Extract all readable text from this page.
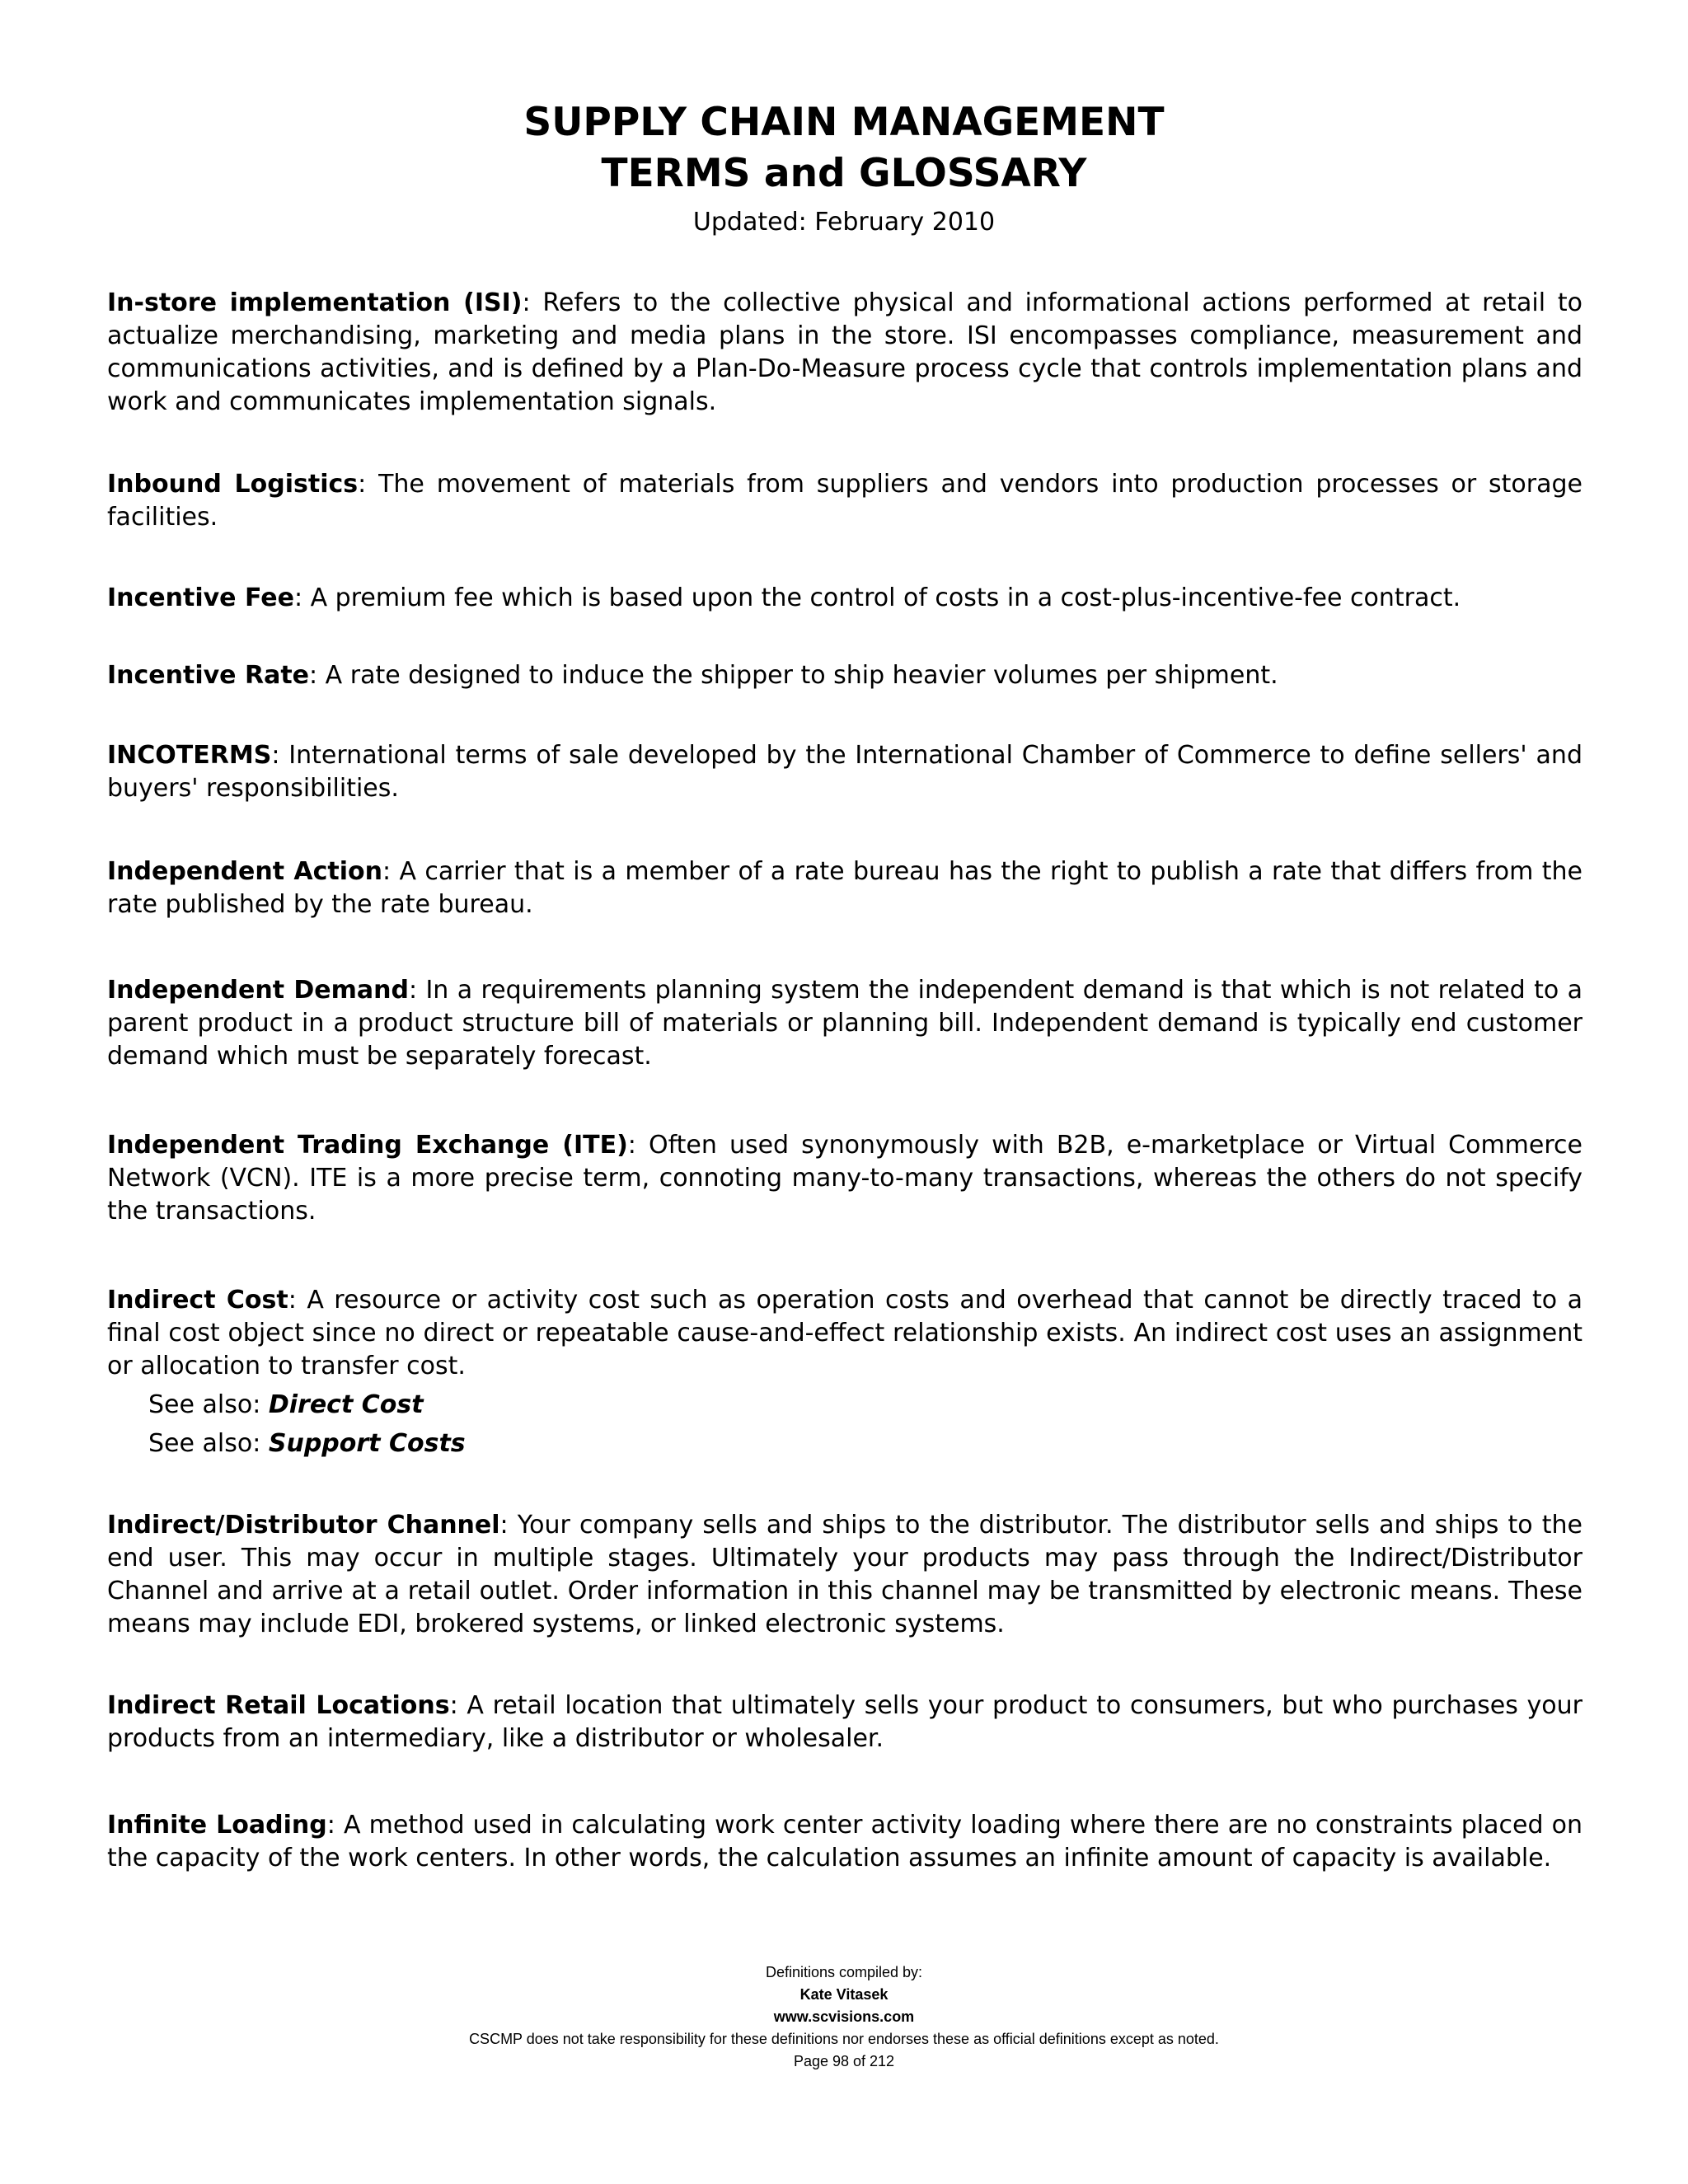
SUPPLY CHAIN MANAGEMENT
TERMS and GLOSSARY
Updated: February 2010
In-store implementation (ISI): Refers to the collective physical and informational actions performed at retail to actualize merchandising, marketing and media plans in the store. ISI encompasses compliance, measurement and communications activities, and is defined by a Plan-Do-Measure process cycle that controls implementation plans and work and communicates implementation signals.
Inbound Logistics: The movement of materials from suppliers and vendors into production processes or storage facilities.
Incentive Fee: A premium fee which is based upon the control of costs in a cost-plus-incentive-fee contract.
Incentive Rate: A rate designed to induce the shipper to ship heavier volumes per shipment.
INCOTERMS: International terms of sale developed by the International Chamber of Commerce to define sellers' and buyers' responsibilities.
Independent Action: A carrier that is a member of a rate bureau has the right to publish a rate that differs from the rate published by the rate bureau.
Independent Demand: In a requirements planning system the independent demand is that which is not related to a parent product in a product structure bill of materials or planning bill. Independent demand is typically end customer demand which must be separately forecast.
Independent Trading Exchange (ITE): Often used synonymously with B2B, e-marketplace or Virtual Commerce Network (VCN). ITE is a more precise term, connoting many-to-many transactions, whereas the others do not specify the transactions.
Indirect Cost: A resource or activity cost such as operation costs and overhead that cannot be directly traced to a final cost object since no direct or repeatable cause-and-effect relationship exists. An indirect cost uses an assignment or allocation to transfer cost.
See also: Direct Cost
See also: Support Costs
Indirect/Distributor Channel: Your company sells and ships to the distributor. The distributor sells and ships to the end user. This may occur in multiple stages. Ultimately your products may pass through the Indirect/Distributor Channel and arrive at a retail outlet. Order information in this channel may be transmitted by electronic means. These means may include EDI, brokered systems, or linked electronic systems.
Indirect Retail Locations: A retail location that ultimately sells your product to consumers, but who purchases your products from an intermediary, like a distributor or wholesaler.
Infinite Loading: A method used in calculating work center activity loading where there are no constraints placed on the capacity of the work centers. In other words, the calculation assumes an infinite amount of capacity is available.
Definitions compiled by:
Kate Vitasek
www.scvisions.com
CSCMP does not take responsibility for these definitions nor endorses these as official definitions except as noted.
Page 98 of 212
